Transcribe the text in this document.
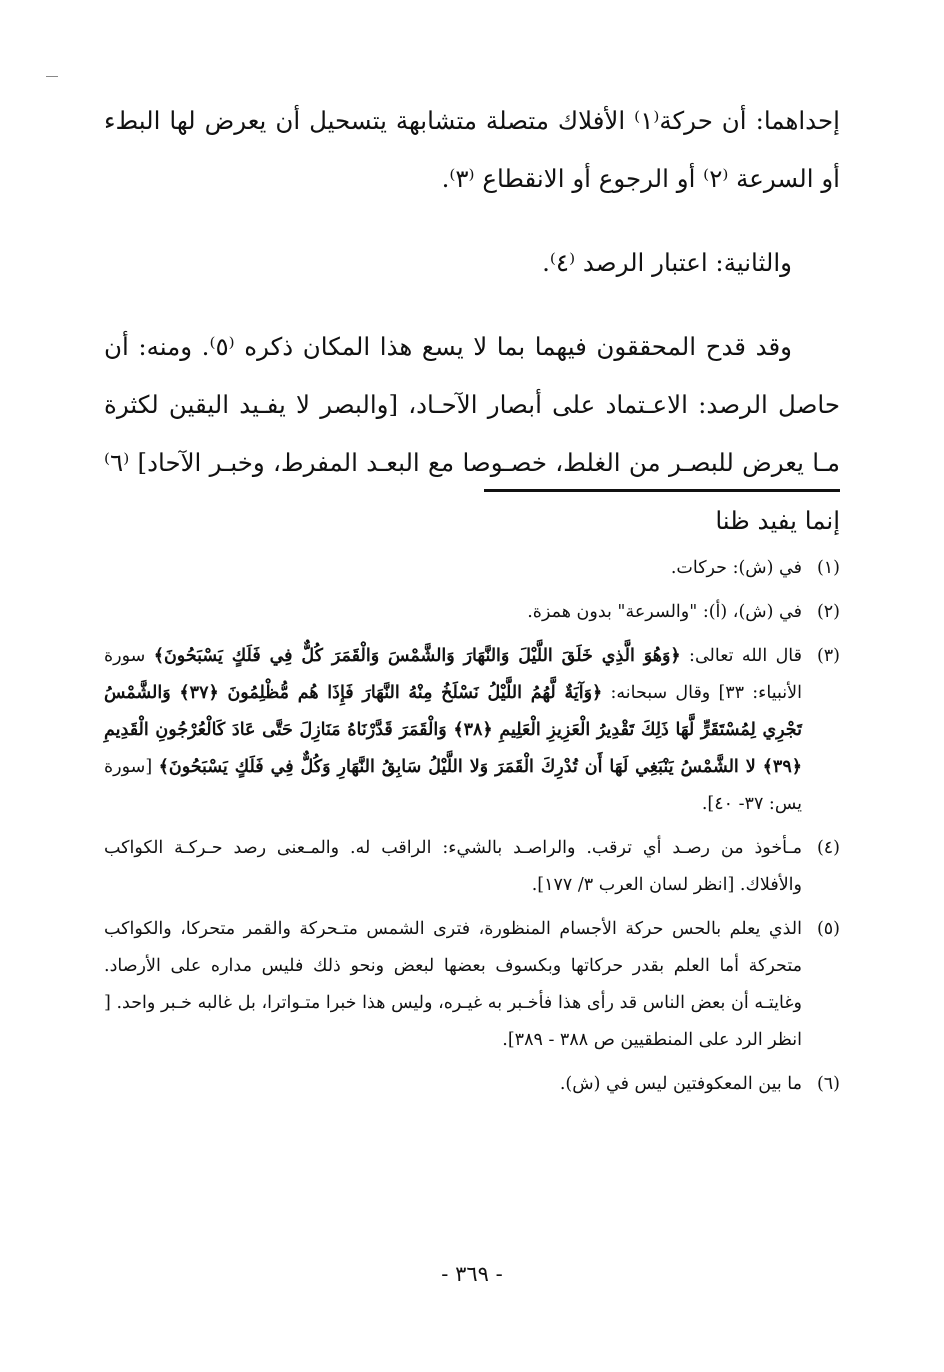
إحداهما: أن حركة⁽١⁾ الأفلاك متصلة متشابهة يتسحيل أن يعرض لها البطء أو السرعة ⁽٢⁾ أو الرجوع أو الانقطاع ⁽٣⁾.

والثانية: اعتبار الرصد ⁽٤⁾.

وقد قدح المحققون فيهما بما لا يسع هذا المكان ذكره ⁽٥⁾. ومنه: أن حاصل الرصد: الاعـتماد على أبصار الآحـاد، [والبصر لا يفـيد اليقين لكثرة مـا يعرض للبصـر من الغلط، خصـوصا مع البعـد المفرط، وخبـر الآحاد] ⁽٦⁾ إنما يفيد ظنا

(١)
في (ش): حركات.
(٢)
في (ش)، (أ): "والسرعة" بدون همزة.
(٣)
قال الله تعالى: ﴿وَهُوَ الَّذِي خَلَقَ اللَّيْلَ وَالنَّهَارَ وَالشَّمْسَ وَالْقَمَرَ كُلٌّ فِي فَلَكٍ يَسْبَحُونَ﴾ سورة الأنبياء: ٣٣] وقال سبحانه: ﴿وَآيَةٌ لَّهُمُ اللَّيْلُ نَسْلَخُ مِنْهُ النَّهَارَ فَإِذَا هُم مُّظْلِمُونَ ﴿٣٧﴾ وَالشَّمْسُ تَجْرِي لِمُسْتَقَرٍّ لَّهَا ذَلِكَ تَقْدِيرُ الْعَزِيزِ الْعَلِيمِ ﴿٣٨﴾ وَالْقَمَرَ قَدَّرْنَاهُ مَنَازِلَ حَتَّى عَادَ كَالْعُرْجُونِ الْقَدِيمِ ﴿٣٩﴾ لا الشَّمْسُ يَنْبَغِي لَهَا أَن تُدْرِكَ الْقَمَرَ وَلا اللَّيْلُ سَابِقُ النَّهَارِ وَكُلٌّ فِي فَلَكٍ يَسْبَحُونَ﴾ [سورة يس: ٣٧- ٤٠].
(٤)
مـأخوذ من رصـد أي ترقب. والراصـد بالشيء: الراقب له. والمـعنى رصد حـركـة الكواكب والأفلاك. [انظر لسان العرب ٣/ ١٧٧].
(٥)
الذي يعلم بالحس حركة الأجسام المنظورة، فترى الشمس متـحركة والقمر متحركا، والكواكب متحركة أما العلم بقدر حركاتها وبكسوف بعضها لبعض ونحو ذلك فليس مداره على الأرصاد. وغايتـه أن بعض الناس قد رأى هذا فأخـبر به غيـره، وليس هذا خبرا متـواترا، بل غالبه خـبر واحد. [ انظر الرد على المنطقيين ص ٣٨٨ - ٣٨٩].
(٦)
ما بين المعكوفتين ليس في (ش).
- ٣٦٩ -
